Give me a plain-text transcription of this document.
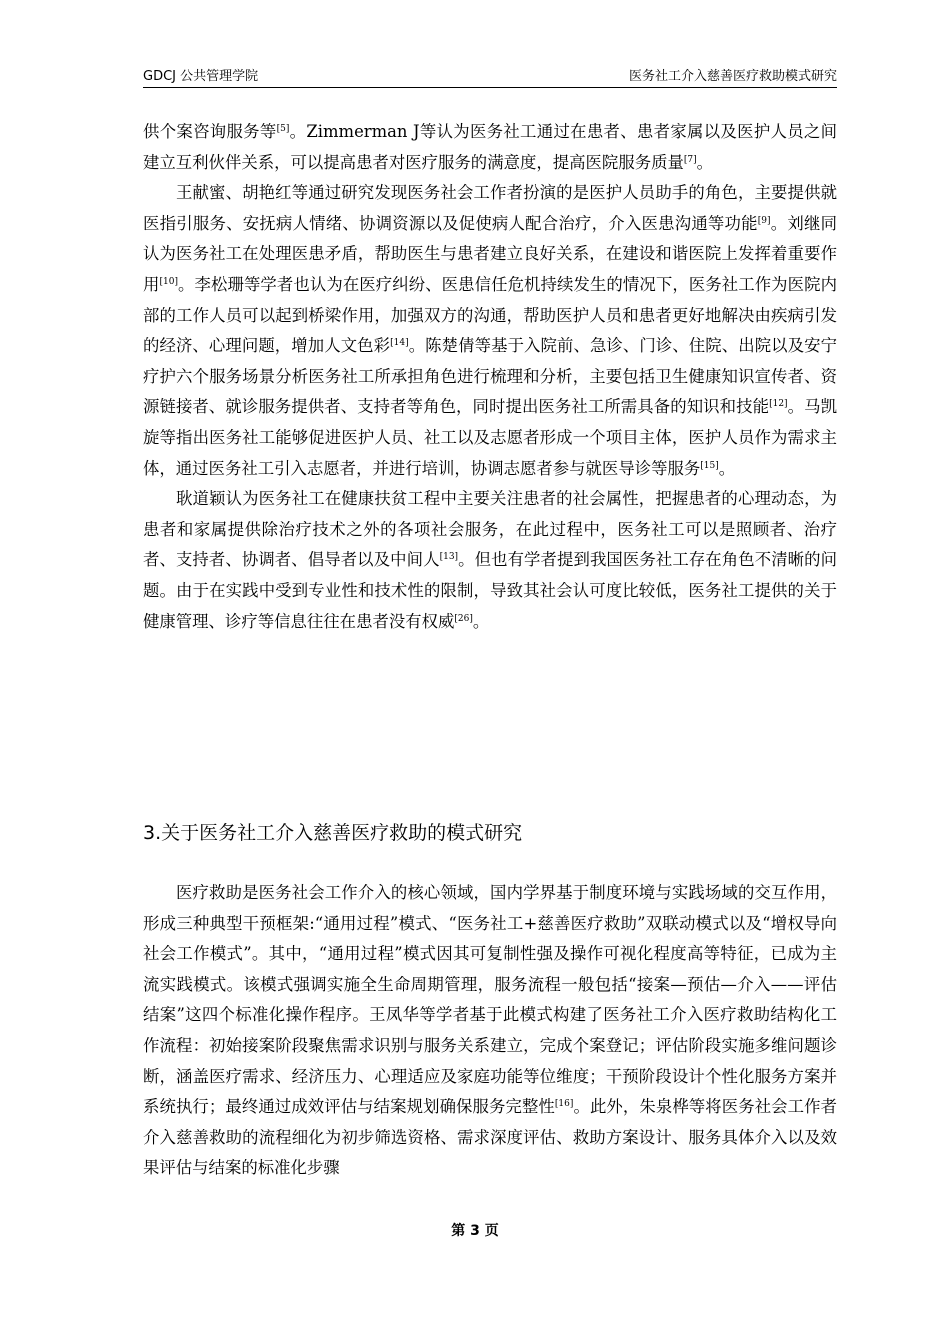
GDCJ 公共管理学院	医务社工介入慈善医疗救助模式研究

供个案咨询服务等[5]。Zimmerman J等认为医务社工通过在患者、患者家属以及医护人员之间建立互利伙伴关系，可以提高患者对医疗服务的满意度，提高医院服务质量[7]。

王献蜜、胡艳红等通过研究发现医务社会工作者扮演的是医护人员助手的角色，主要提供就医指引服务、安抚病人情绪、协调资源以及促使病人配合治疗，介入医患沟通等功能[9]。刘继同认为医务社工在处理医患矛盾，帮助医生与患者建立良好关系，在建设和谐医院上发挥着重要作用[10]。李松珊等学者也认为在医疗纠纷、医患信任危机持续发生的情况下，医务社工作为医院内部的工作人员可以起到桥梁作用，加强双方的沟通，帮助医护人员和患者更好地解决由疾病引发的经济、心理问题，增加人文色彩[14]。陈楚倩等基于入院前、急诊、门诊、住院、出院以及安宁疗护六个服务场景分析医务社工所承担角色进行梳理和分析，主要包括卫生健康知识宣传者、资源链接者、就诊服务提供者、支持者等角色，同时提出医务社工所需具备的知识和技能[12]。马凯旋等指出医务社工能够促进医护人员、社工以及志愿者形成一个项目主体，医护人员作为需求主体，通过医务社工引入志愿者，并进行培训，协调志愿者参与就医导诊等服务[15]。

耿道颖认为医务社工在健康扶贫工程中主要关注患者的社会属性，把握患者的心理动态，为患者和家属提供除治疗技术之外的各项社会服务，在此过程中，医务社工可以是照顾者、治疗者、支持者、协调者、倡导者以及中间人[13]。但也有学者提到我国医务社工存在角色不清晰的问题。由于在实践中受到专业性和技术性的限制，导致其社会认可度比较低，医务社工提供的关于健康管理、诊疗等信息往往在患者没有权威[26]。

3.关于医务社工介入慈善医疗救助的模式研究

医疗救助是医务社会工作介入的核心领域，国内学界基于制度环境与实践场域的交互作用，形成三种典型干预框架:“通用过程”模式、“医务社工+慈善医疗救助”双联动模式以及“增权导向社会工作模式”。其中，“通用过程”模式因其可复制性强及操作可视化程度高等特征，已成为主流实践模式。该模式强调实施全生命周期管理，服务流程一般包括“接案—预估—介入——评估结案”这四个标准化操作程序。王凤华等学者基于此模式构建了医务社工介入医疗救助结构化工作流程：初始接案阶段聚焦需求识别与服务关系建立，完成个案登记；评估阶段实施多维问题诊断，涵盖医疗需求、经济压力、心理适应及家庭功能等位维度；干预阶段设计个性化服务方案并系统执行；最终通过成效评估与结案规划确保服务完整性[16]。此外，朱泉桦等将医务社会工作者介入慈善救助的流程细化为初步筛选资格、需求深度评估、救助方案设计、服务具体介入以及效果评估与结案的标准化步骤

第 3 页
